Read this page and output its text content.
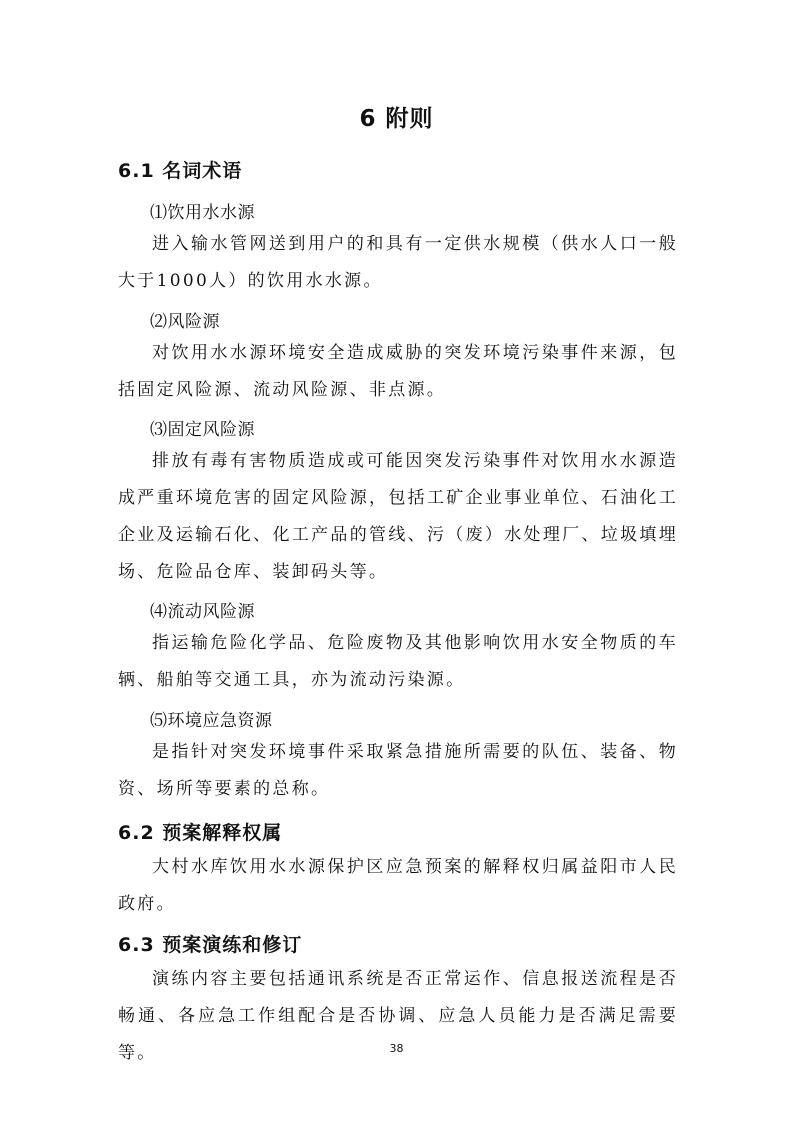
6 附则
6.1 名词术语
⑴饮用水水源
进入输水管网送到用户的和具有一定供水规模（供水人口一般大于1000人）的饮用水水源。
⑵风险源
对饮用水水源环境安全造成威胁的突发环境污染事件来源，包括固定风险源、流动风险源、非点源。
⑶固定风险源
排放有毒有害物质造成或可能因突发污染事件对饮用水水源造成严重环境危害的固定风险源，包括工矿企业事业单位、石油化工企业及运输石化、化工产品的管线、污（废）水处理厂、垃圾填埋场、危险品仓库、装卸码头等。
⑷流动风险源
指运输危险化学品、危险废物及其他影响饮用水安全物质的车辆、船舶等交通工具，亦为流动污染源。
⑸环境应急资源
是指针对突发环境事件采取紧急措施所需要的队伍、装备、物资、场所等要素的总称。
6.2 预案解释权属
大村水库饮用水水源保护区应急预案的解释权归属益阳市人民政府。
6.3 预案演练和修订
演练内容主要包括通讯系统是否正常运作、信息报送流程是否畅通、各应急工作组配合是否协调、应急人员能力是否满足需要等。	38
